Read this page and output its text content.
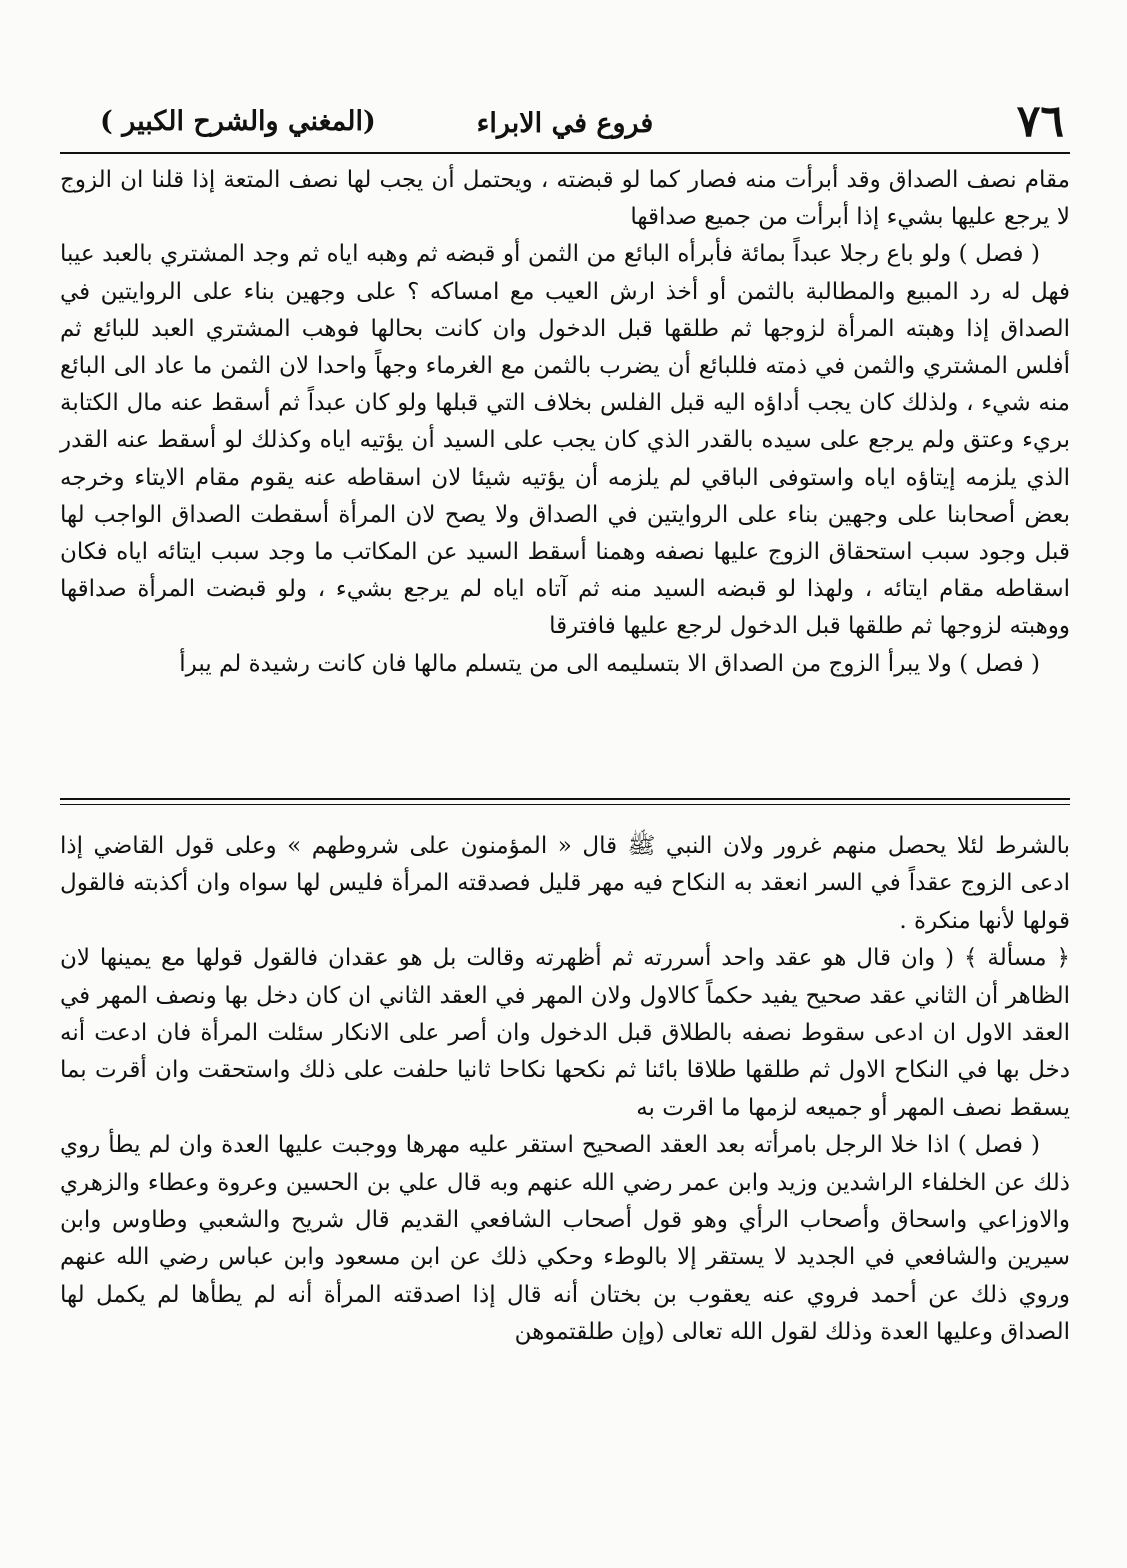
٧٦
فروع في الابراء
( المغني والشرح الكبير)

مقام نصف الصداق وقد أبرأت منه فصار كما لو قبضته ، ويحتمل أن يجب لها نصف المتعة إذا قلنا ان الزوج لا يرجع عليها بشيء إذا أبرأت من جميع صداقها

( فصل ) ولو باع رجلا عبداً بمائة فأبرأه البائع من الثمن أو قبضه ثم وهبه اياه ثم وجد المشتري بالعبد عيبا فهل له رد المبيع والمطالبة بالثمن أو أخذ ارش العيب مع امساكه ؟ على وجهين بناء على الروايتين في الصداق إذا وهبته المرأة لزوجها ثم طلقها قبل الدخول وان كانت بحالها فوهب المشتري العبد للبائع ثم أفلس المشتري والثمن في ذمته فللبائع أن يضرب بالثمن مع الغرماء وجهاً واحدا لان الثمن ما عاد الى البائع منه شيء ، ولذلك كان يجب أداؤه اليه قبل الفلس بخلاف التي قبلها ولو كان عبداً ثم أسقط عنه مال الكتابة بريء وعتق ولم يرجع على سيده بالقدر الذي كان يجب على السيد أن يؤتيه اياه وكذلك لو أسقط عنه القدر الذي يلزمه إيتاؤه اياه واستوفى الباقي لم يلزمه أن يؤتيه شيئا لان اسقاطه عنه يقوم مقام الايتاء وخرجه بعض أصحابنا على وجهين بناء على الروايتين في الصداق ولا يصح لان المرأة أسقطت الصداق الواجب لها قبل وجود سبب استحقاق الزوج عليها نصفه وهمنا أسقط السيد عن المكاتب ما وجد سبب ايتائه اياه فكان اسقاطه مقام ايتائه ، ولهذا لو قبضه السيد منه ثم آتاه اياه لم يرجع بشيء ، ولو قبضت المرأة صداقها ووهبته لزوجها ثم طلقها قبل الدخول لرجع عليها فافترقا

( فصل ) ولا يبرأ الزوج من الصداق الا بتسليمه الى من يتسلم مالها فان كانت رشيدة لم يبرأ

بالشرط لئلا يحصل منهم غرور ولان النبي ﷺ قال « المؤمنون على شروطهم » وعلى قول القاضي إذا ادعى الزوج عقداً في السر انعقد به النكاح فيه مهر قليل فصدقته المرأة فليس لها سواه وان أكذبته فالقول قولها لأنها منكرة .

﴿ مسألة ﴾ ( وان قال هو عقد واحد أسررته ثم أظهرته وقالت بل هو عقدان فالقول قولها مع يمينها لان الظاهر أن الثاني عقد صحيح يفيد حكماً كالاول ولان المهر في العقد الثاني ان كان دخل بها ونصف المهر في العقد الاول ان ادعى سقوط نصفه بالطلاق قبل الدخول وان أصر على الانكار سئلت المرأة فان ادعت أنه دخل بها في النكاح الاول ثم طلقها طلاقا بائنا ثم نكحها نكاحا ثانيا حلفت على ذلك واستحقت وان أقرت بما يسقط نصف المهر أو جميعه لزمها ما اقرت به

( فصل ) اذا خلا الرجل بامرأته بعد العقد الصحيح استقر عليه مهرها ووجبت عليها العدة وان لم يطأ روي ذلك عن الخلفاء الراشدين وزيد وابن عمر رضي الله عنهم وبه قال علي بن الحسين وعروة وعطاء والزهري والاوزاعي واسحاق وأصحاب الرأي وهو قول أصحاب الشافعي القديم قال شريح والشعبي وطاوس وابن سيرين والشافعي في الجديد لا يستقر إلا بالوطء وحكي ذلك عن ابن مسعود وابن عباس رضي الله عنهم وروي ذلك عن أحمد فروي عنه يعقوب بن بختان أنه قال إذا اصدقته المرأة أنه لم يطأها لم يكمل لها الصداق وعليها العدة وذلك لقول الله تعالى (وإن طلقتموهن
